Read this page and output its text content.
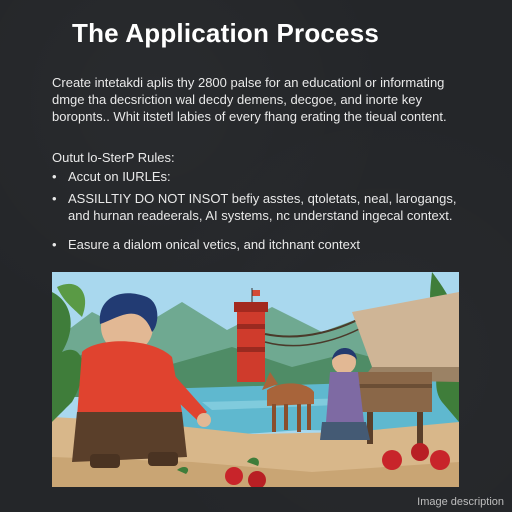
The Application Process

Create intetakdi aplis thy 2800 palse for an educationl or informating

dmge tha decsriction wal decdy demens, decgoe, and inorte key

boropnts.. Whit itstetl labies of every fhang erating the tieual content.

Outut lo-SterP Rules:
• Accut on IURLEs:
• ASSILLTIY DO NOT INSOT befiy asstes, qtoletats, neal, larogangs,
and hurnan readeerals, AI systems, nc understand ingecal context.
• Easure a dialom onical vetics, and itchnant context
Image description
